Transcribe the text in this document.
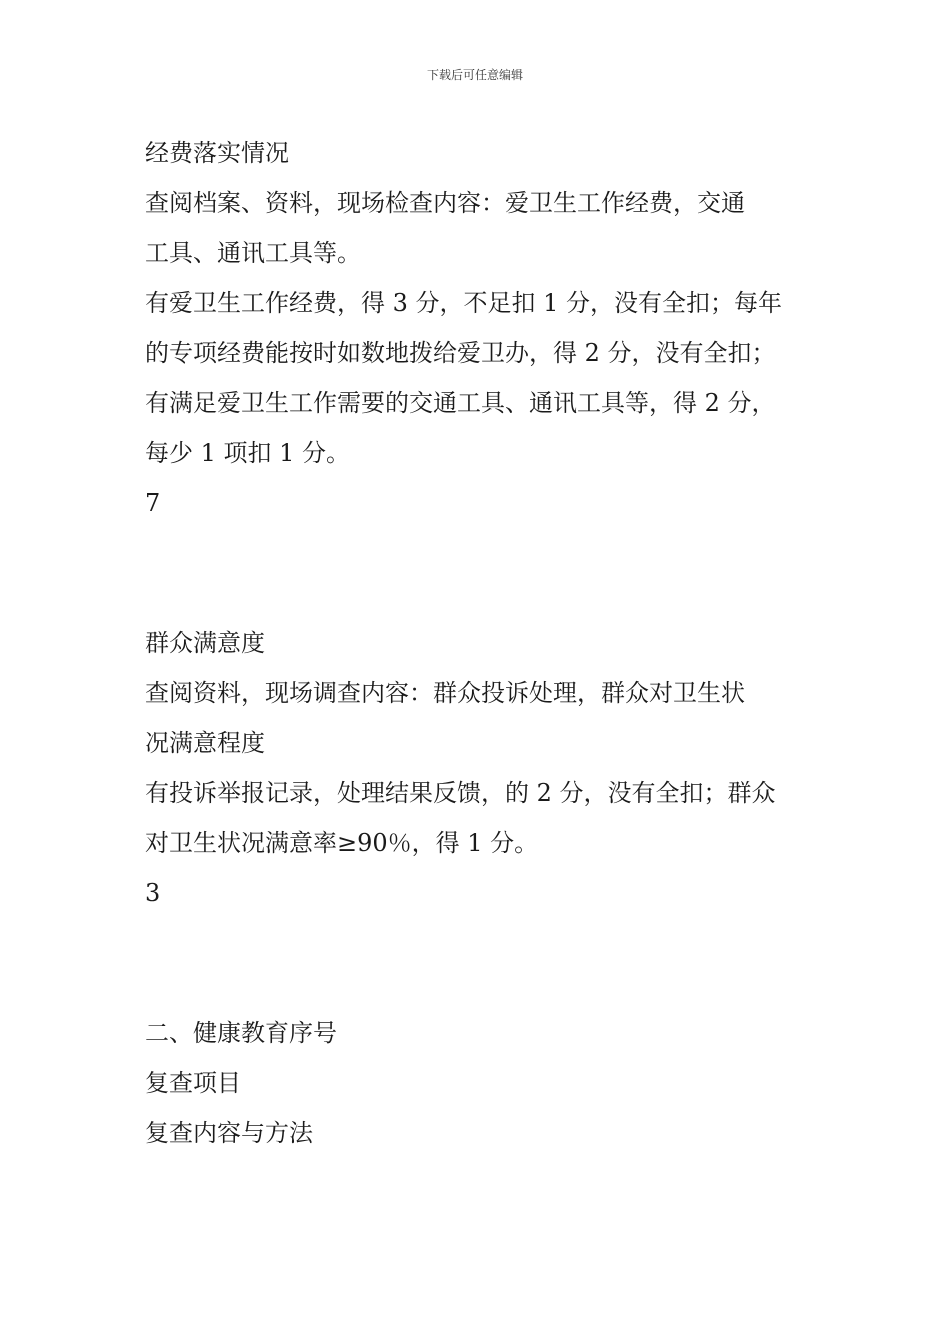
下载后可任意编辑
经费落实情况
查阅档案、资料，现场检查内容：爱卫生工作经费，交通
工具、通讯工具等。
有爱卫生工作经费，得 3 分，不足扣 1 分，没有全扣；每年
的专项经费能按时如数地拨给爱卫办，得 2 分，没有全扣；
有满足爱卫生工作需要的交通工具、通讯工具等，得 2 分，
每少 1 项扣 1 分。
7
群众满意度
查阅资料，现场调查内容：群众投诉处理，群众对卫生状
况满意程度
有投诉举报记录，处理结果反馈，的 2 分，没有全扣；群众
对卫生状况满意率≥90％，得 1 分。
3
二、健康教育序号
复查项目
复查内容与方法
